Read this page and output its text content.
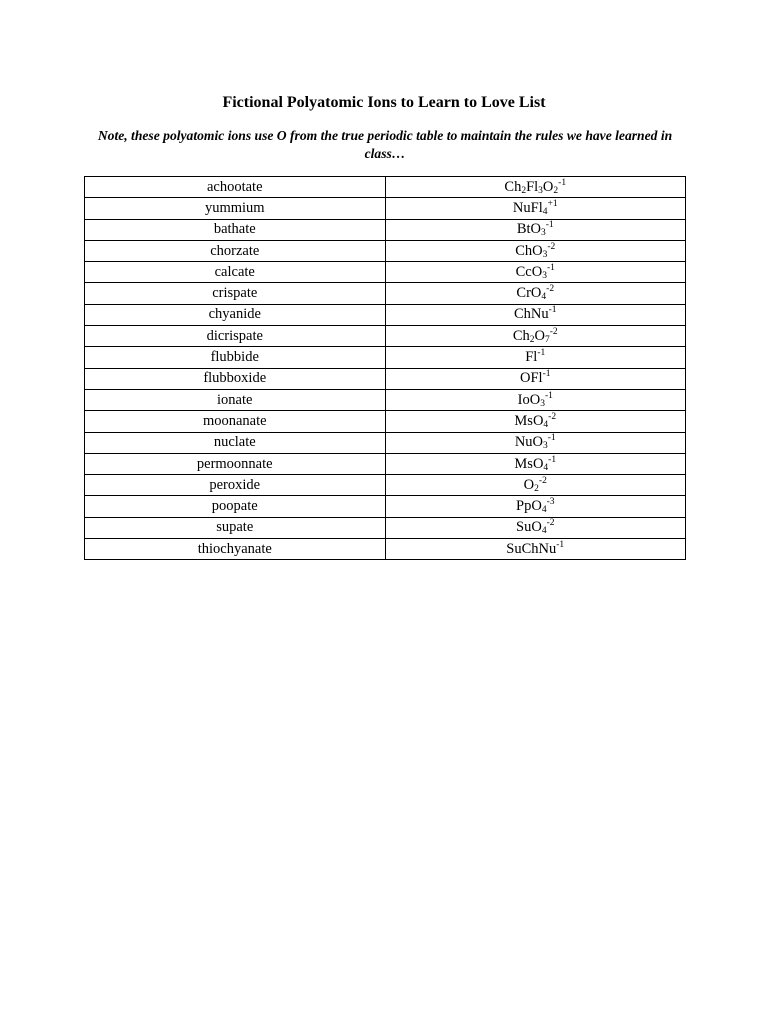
Fictional Polyatomic Ions to Learn to Love List

Note, these polyatomic ions use O from the true periodic table to maintain the rules we have learned in class…

achootate	$Ch_2Fl_3O_2^{-1}$
yummium	NuFl$_4^{+1}$
bathate	BtO$_3^{-1}$
chorzate	ChO$_3^{-2}$
calcate	CcO$_3^{-1}$
crispate	CrO$_4^{-2}$
chyanide	ChNu$^{-1}$
dicrispate	$Ch_2O_7^{-2}$
flubbide	$Fl^{-1}$
flubboxide	OFl$^{-1}$
ionate	IoO$_3^{-1}$
moonanate	MsO$_4^{-2}$
nuclate	NuO$_3^{-1}$
permoonnate	MsO$_4^{-1}$
peroxide	$O_2^{-2}$
poopate	PpO$_4^{-3}$
supate	SuO$_4^{-2}$
thiochyanate	SuChNu$^{-1}$
